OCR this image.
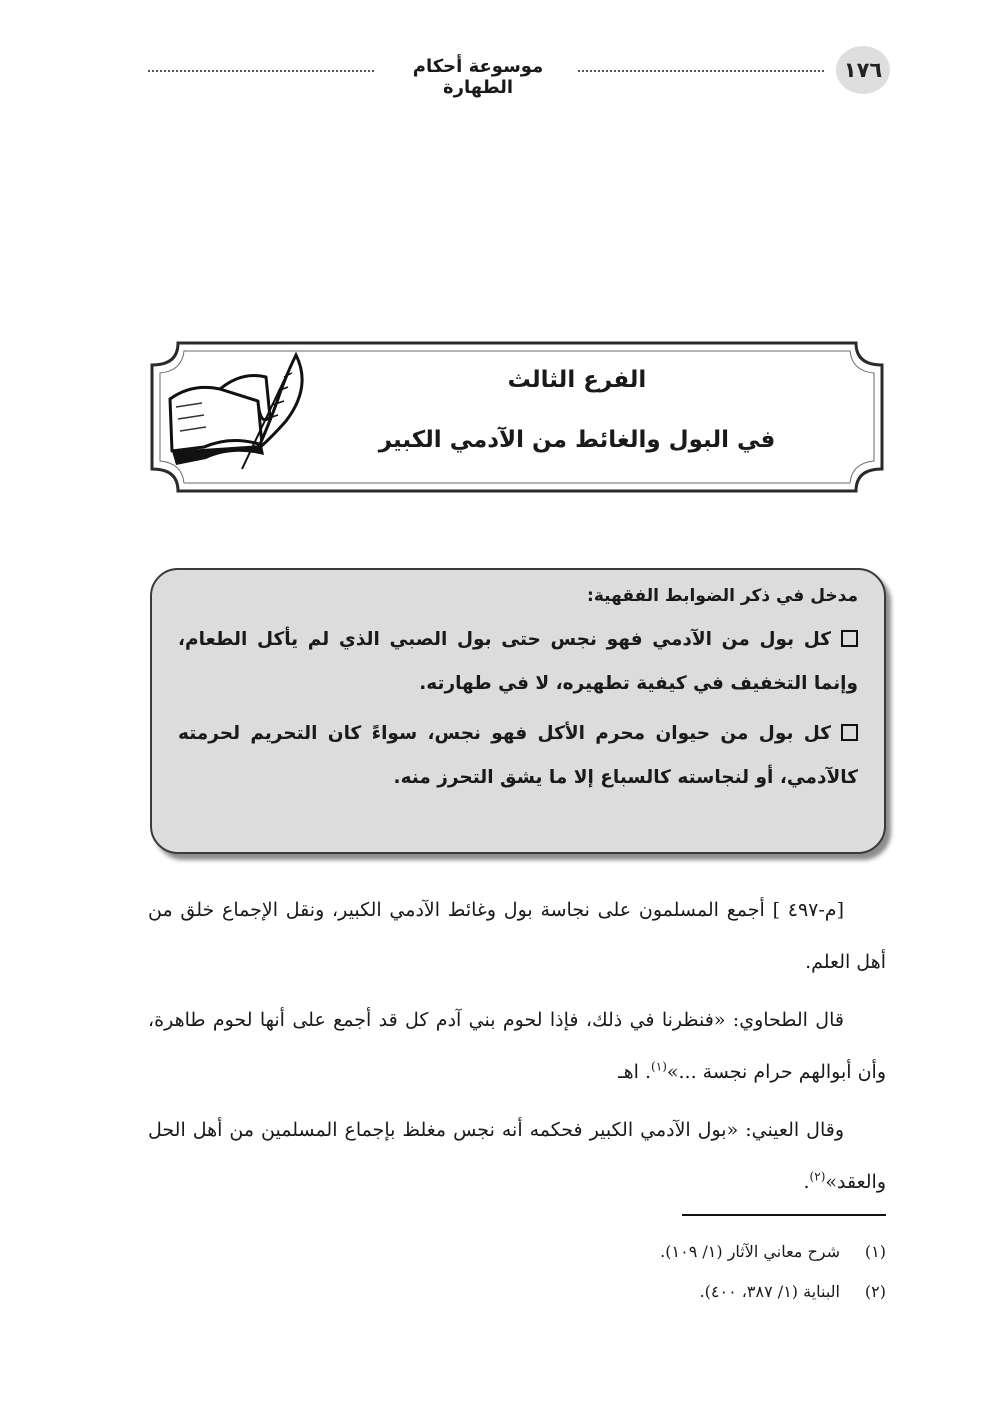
١٧٦
موسوعة أحكام الطهارة
الفرع الثالث
في البول والغائط من الآدمي الكبير
مدخل في ذكر الضوابط الفقهية:
كل بول من الآدمي فهو نجس حتى بول الصبي الذي لم يأكل الطعام، وإنما التخفيف في كيفية تطهيره، لا في طهارته.
كل بول من حيوان محرم الأكل فهو نجس، سواءً كان التحريم لحرمته كالآدمي، أو لنجاسته كالسباع إلا ما يشق التحرز منه.

[م-٤٩٧ ] أجمع المسلمون على نجاسة بول وغائط الآدمي الكبير، ونقل الإجماع خلق من أهل العلم.

قال الطحاوي: «فنظرنا في ذلك، فإذا لحوم بني آدم كل قد أجمع على أنها لحوم طاهرة، وأن أبوالهم حرام نجسة ...»$^{(١)}$. اهـ

وقال العيني: «بول الآدمي الكبير فحكمه أنه نجس مغلظ بإجماع المسلمين من أهل الحل والعقد»$^{(٢)}$.

(١)شرح معاني الآثار (١/ ١٠٩).
(٢)البناية (١/ ٣٨٧، ٤٠٠).
